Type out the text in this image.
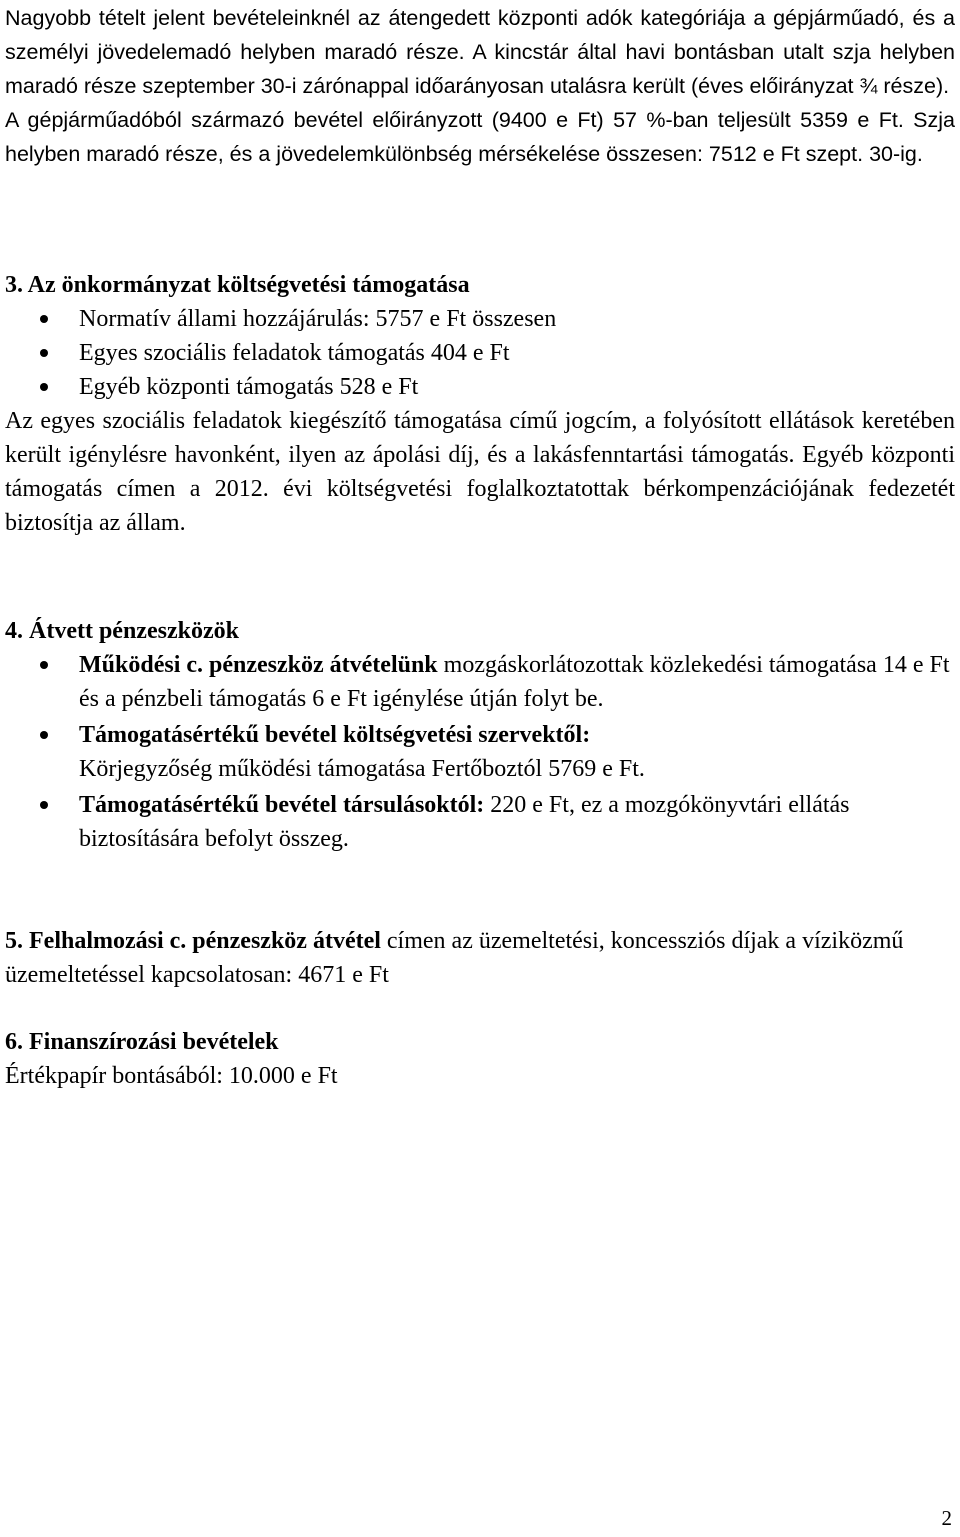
Nagyobb tételt jelent bevételeinknél az átengedett központi adók kategóriája a gépjárműadó, és a személyi jövedelemadó helyben maradó része. A kincstár által havi bontásban utalt szja helyben maradó része szeptember 30-i zárónappal időarányosan utalásra került (éves előirányzat ¾ része).

A gépjárműadóból származó bevétel előirányzott (9400 e Ft) 57 %-ban teljesült 5359 e Ft. Szja helyben maradó része, és a jövedelemkülönbség mérsékelése összesen: 7512 e Ft szept. 30-ig.

3. Az önkormányzat költségvetési támogatása
Normatív állami hozzájárulás: 5757 e Ft összesen
Egyes szociális feladatok támogatás 404 e Ft
Egyéb központi támogatás 528 e Ft

Az egyes szociális feladatok kiegészítő támogatása című jogcím, a folyósított ellátások keretében került igénylésre havonként, ilyen az ápolási díj, és a lakásfenntartási támogatás. Egyéb központi támogatás címen a 2012. évi költségvetési foglalkoztatottak bérkompenzációjának fedezetét biztosítja az állam.

4. Átvett pénzeszközök
Működési c. pénzeszköz átvételünk mozgáskorlátozottak közlekedési támogatása 14 e Ft és a pénzbeli támogatás 6 e Ft igénylése útján folyt be.
Támogatásértékű bevétel költségvetési szervektől:
Körjegyzőség működési támogatása Fertőboztól 5769 e Ft.
Támogatásértékű bevétel társulásoktól: 220 e Ft, ez a mozgókönyvtári ellátás biztosítására befolyt összeg.

5. Felhalmozási c. pénzeszköz átvétel címen az üzemeltetési, koncessziós díjak a víziközmű üzemeltetéssel kapcsolatosan: 4671 e Ft

6. Finanszírozási bevételek

Értékpapír bontásából: 10.000 e Ft

2
